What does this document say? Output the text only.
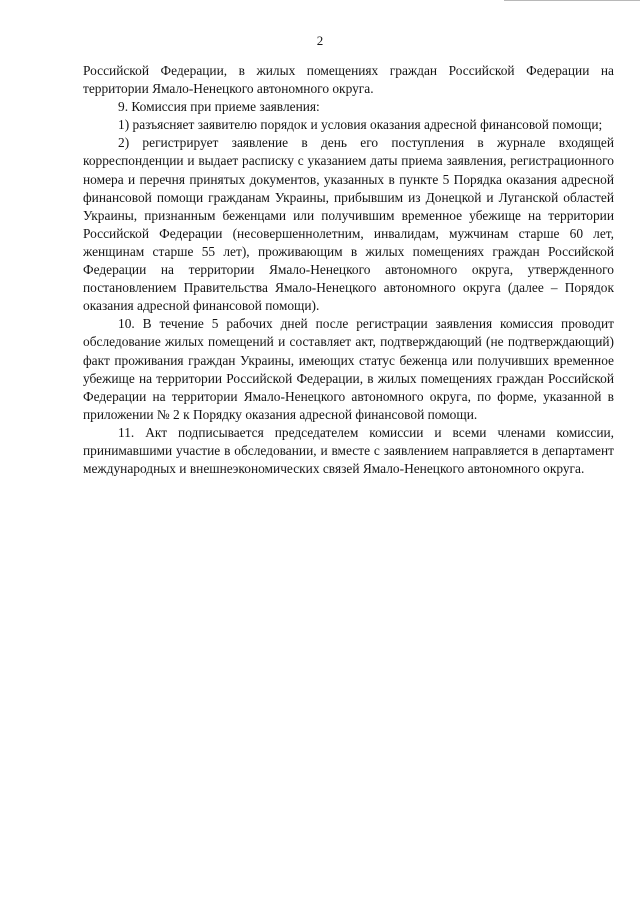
2

Российской Федерации, в жилых помещениях граждан Российской Федерации на территории Ямало-Ненецкого автономного округа.

9. Комиссия при приеме заявления:

1) разъясняет заявителю порядок и условия оказания адресной финансовой помощи;

2) регистрирует заявление в день его поступления в журнале входящей корреспонденции и выдает расписку с указанием даты приема заявления, регистрационного номера и перечня принятых документов, указанных в пункте 5 Порядка оказания адресной финансовой помощи гражданам Украины, прибывшим из Донецкой и Луганской областей Украины, признанным беженцами или получившим временное убежище на территории Российской Федерации (несовершеннолетним, инвалидам, мужчинам старше 60 лет, женщинам старше 55 лет), проживающим в жилых помещениях граждан Российской Федерации на территории Ямало-Ненецкого автономного округа, утвержденного постановлением Правительства Ямало-Ненецкого автономного округа (далее – Порядок оказания адресной финансовой помощи).

10. В течение 5 рабочих дней после регистрации заявления комиссия проводит обследование жилых помещений и составляет акт, подтверждающий (не подтверждающий) факт проживания граждан Украины, имеющих статус беженца или получивших временное убежище на территории Российской Федерации, в жилых помещениях граждан Российской Федерации на территории Ямало-Ненецкого автономного округа, по форме, указанной в приложении № 2 к Порядку оказания адресной финансовой помощи.

11. Акт подписывается председателем комиссии и всеми членами комиссии, принимавшими участие в обследовании, и вместе с заявлением направляется в департамент международных и внешнеэкономических связей Ямало-Ненецкого автономного округа.
